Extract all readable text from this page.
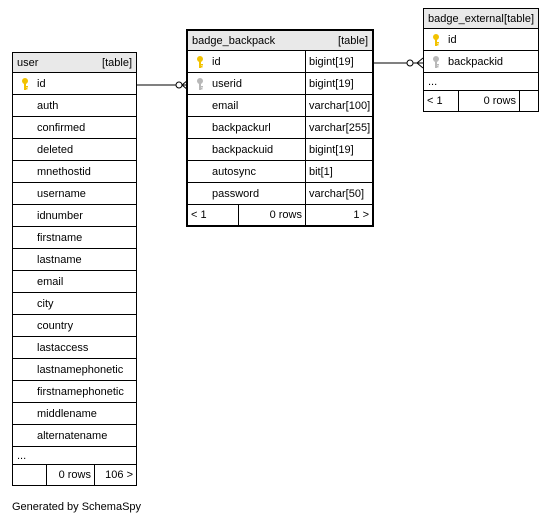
user	[table]
id
auth
confirmed
deleted
mnethostid
username
idnumber
firstname
lastname
email
city
country
lastaccess
lastnamephonetic
firstnamephonetic
middlename
alternatename
...
0 rows	106 >
badge_backpack	[table]
id	bigint[19]
userid	bigint[19]
email	varchar[100]
backpackurl	varchar[255]
backpackuid	bigint[19]
autosync	bit[1]
password	varchar[50]
< 1	0 rows	1 >
badge_external [table]
id
backpackid
...
< 1	0 rows
Generated by SchemaSpy
